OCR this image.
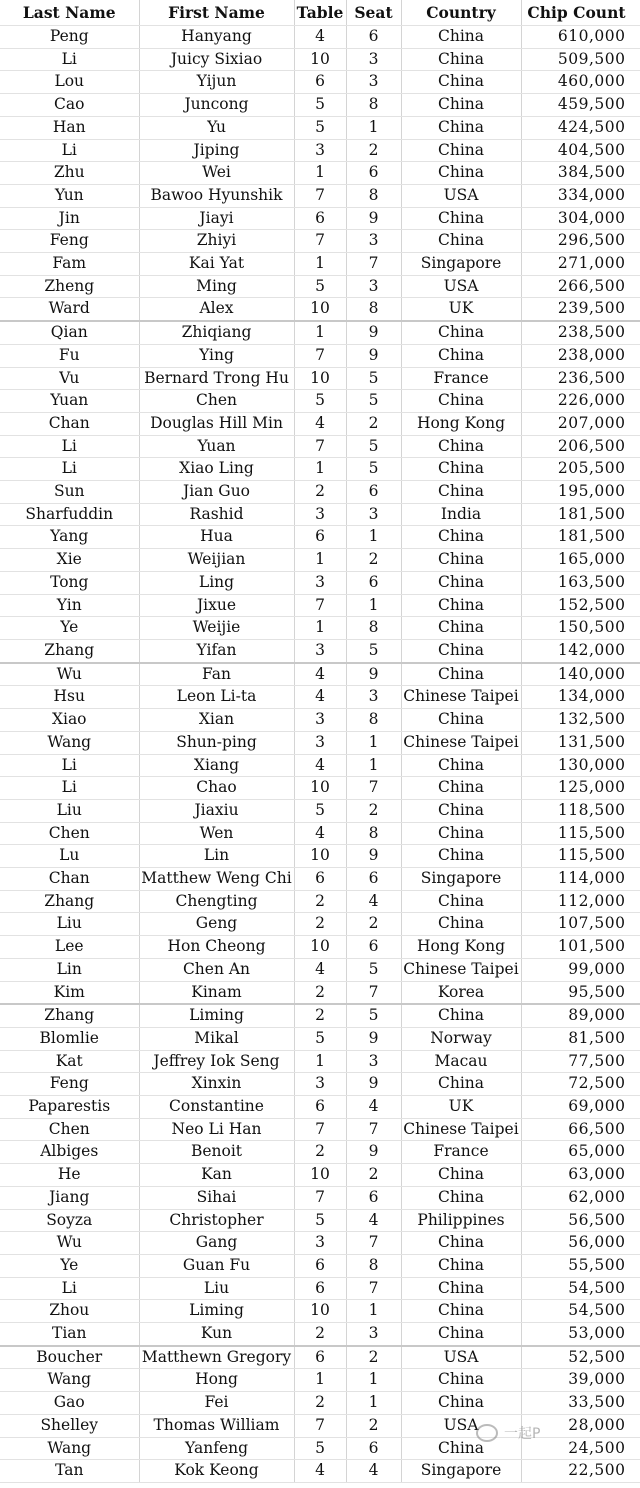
Last Name	First Name	Table	Seat	Country	Chip Count
Peng	Hanyang	4	6	China	610,000
Li	Juicy Sixiao	10	3	China	509,500
Lou	Yijun	6	3	China	460,000
Cao	Juncong	5	8	China	459,500
Han	Yu	5	1	China	424,500
Li	Jiping	3	2	China	404,500
Zhu	Wei	1	6	China	384,500
Yun	Bawoo Hyunshik	7	8	USA	334,000
Jin	Jiayi	6	9	China	304,000
Feng	Zhiyi	7	3	China	296,500
Fam	Kai Yat	1	7	Singapore	271,000
Zheng	Ming	5	3	USA	266,500
Ward	Alex	10	8	UK	239,500
Qian	Zhiqiang	1	9	China	238,500
Fu	Ying	7	9	China	238,000
Vu	Bernard Trong Hu	10	5	France	236,500
Yuan	Chen	5	5	China	226,000
Chan	Douglas Hill Min	4	2	Hong Kong	207,000
Li	Yuan	7	5	China	206,500
Li	Xiao Ling	1	5	China	205,500
Sun	Jian Guo	2	6	China	195,000
Sharfuddin	Rashid	3	3	India	181,500
Yang	Hua	6	1	China	181,500
Xie	Weijian	1	2	China	165,000
Tong	Ling	3	6	China	163,500
Yin	Jixue	7	1	China	152,500
Ye	Weijie	1	8	China	150,500
Zhang	Yifan	3	5	China	142,000
Wu	Fan	4	9	China	140,000
Hsu	Leon Li-ta	4	3	Chinese Taipei	134,000
Xiao	Xian	3	8	China	132,500
Wang	Shun-ping	3	1	Chinese Taipei	131,500
Li	Xiang	4	1	China	130,000
Li	Chao	10	7	China	125,000
Liu	Jiaxiu	5	2	China	118,500
Chen	Wen	4	8	China	115,500
Lu	Lin	10	9	China	115,500
Chan	Matthew Weng Chi	6	6	Singapore	114,000
Zhang	Chengting	2	4	China	112,000
Liu	Geng	2	2	China	107,500
Lee	Hon Cheong	10	6	Hong Kong	101,500
Lin	Chen An	4	5	Chinese Taipei	99,000
Kim	Kinam	2	7	Korea	95,500
Zhang	Liming	2	5	China	89,000
Blomlie	Mikal	5	9	Norway	81,500
Kat	Jeffrey Iok Seng	1	3	Macau	77,500
Feng	Xinxin	3	9	China	72,500
Paparestis	Constantine	6	4	UK	69,000
Chen	Neo Li Han	7	7	Chinese Taipei	66,500
Albiges	Benoit	2	9	France	65,000
He	Kan	10	2	China	63,000
Jiang	Sihai	7	6	China	62,000
Soyza	Christopher	5	4	Philippines	56,500
Wu	Gang	3	7	China	56,000
Ye	Guan Fu	6	8	China	55,500
Li	Liu	6	7	China	54,500
Zhou	Liming	10	1	China	54,500
Tian	Kun	2	3	China	53,000
Boucher	Matthewn Gregory	6	2	USA	52,500
Wang	Hong	1	1	China	39,000
Gao	Fei	2	1	China	33,500
Shelley	Thomas William	7	2	USA	28,000
Wang	Yanfeng	5	6	China	24,500
Tan	Kok Keong	4	4	Singapore	22,500
一起P
